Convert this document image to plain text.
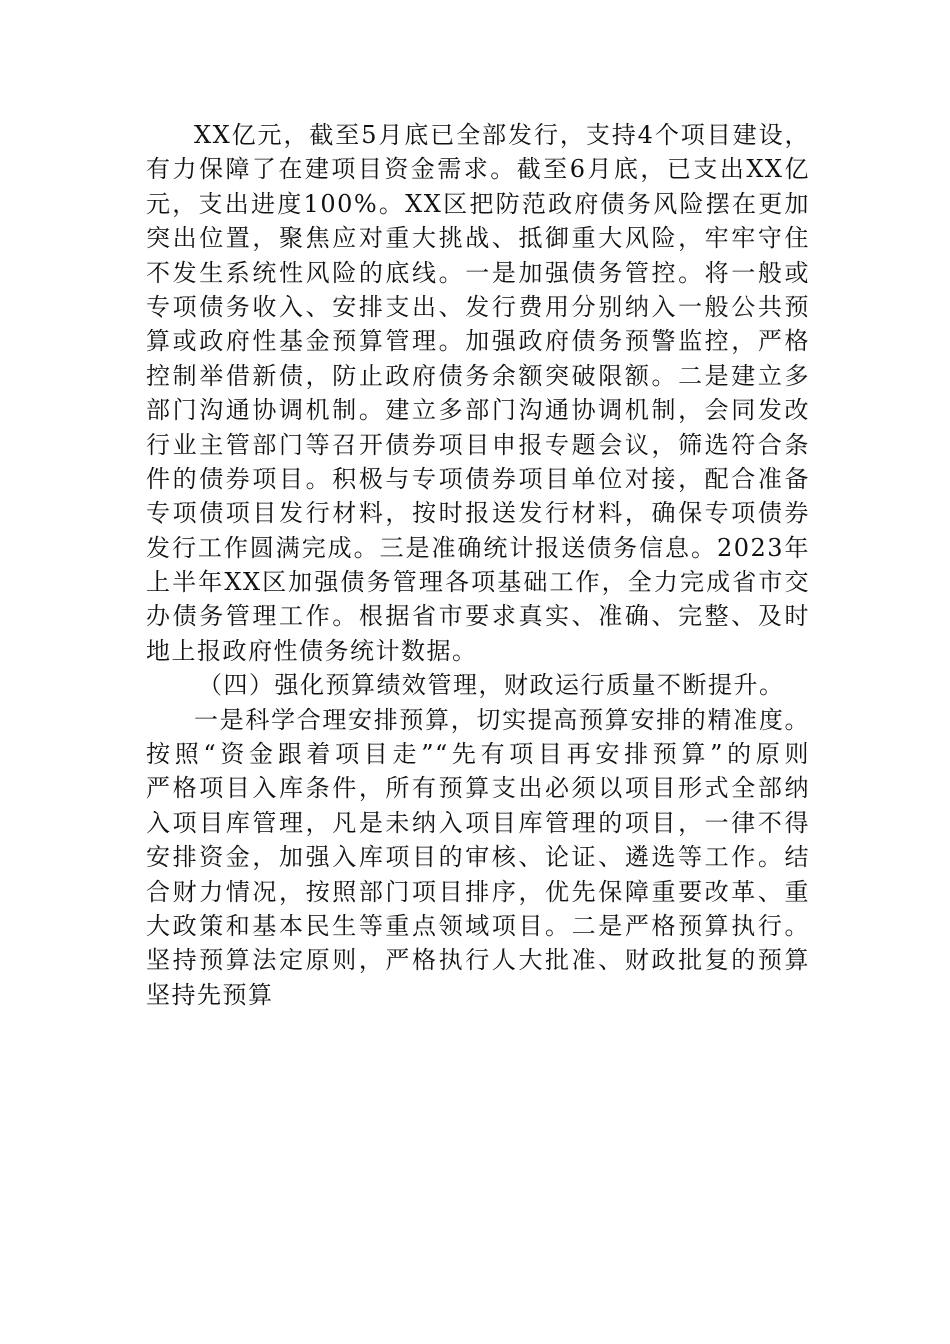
XX亿元，截至5月底已全部发行，支持4个项目建设，
有力保障了在建项目资金需求。截至6月底，已支出XX亿
元，支出进度100%。XX区把防范政府债务风险摆在更加
突出位置，聚焦应对重大挑战、抵御重大风险，牢牢守住
不发生系统性风险的底线。一是加强债务管控。将一般或
专项债务收入、安排支出、发行费用分别纳入一般公共预
算或政府性基金预算管理。加强政府债务预警监控，严格
控制举借新债，防止政府债务余额突破限额。二是建立多
部门沟通协调机制。建立多部门沟通协调机制，会同发改
行业主管部门等召开债券项目申报专题会议，筛选符合条
件的债券项目。积极与专项债券项目单位对接，配合准备
专项债项目发行材料，按时报送发行材料，确保专项债券
发行工作圆满完成。三是准确统计报送债务信息。2023年
上半年XX区加强债务管理各项基础工作，全力完成省市交
办债务管理工作。根据省市要求真实、准确、完整、及时
地上报政府性债务统计数据。
（四）强化预算绩效管理，财政运行质量不断提升。
一是科学合理安排预算，切实提高预算安排的精准度。
按照“资金跟着项目走”“先有项目再安排预算”的原则
严格项目入库条件，所有预算支出必须以项目形式全部纳
入项目库管理，凡是未纳入项目库管理的项目，一律不得
安排资金，加强入库项目的审核、论证、遴选等工作。结
合财力情况，按照部门项目排序，优先保障重要改革、重
大政策和基本民生等重点领域项目。二是严格预算执行。
坚持预算法定原则，严格执行人大批准、财政批复的预算
坚持先预算
